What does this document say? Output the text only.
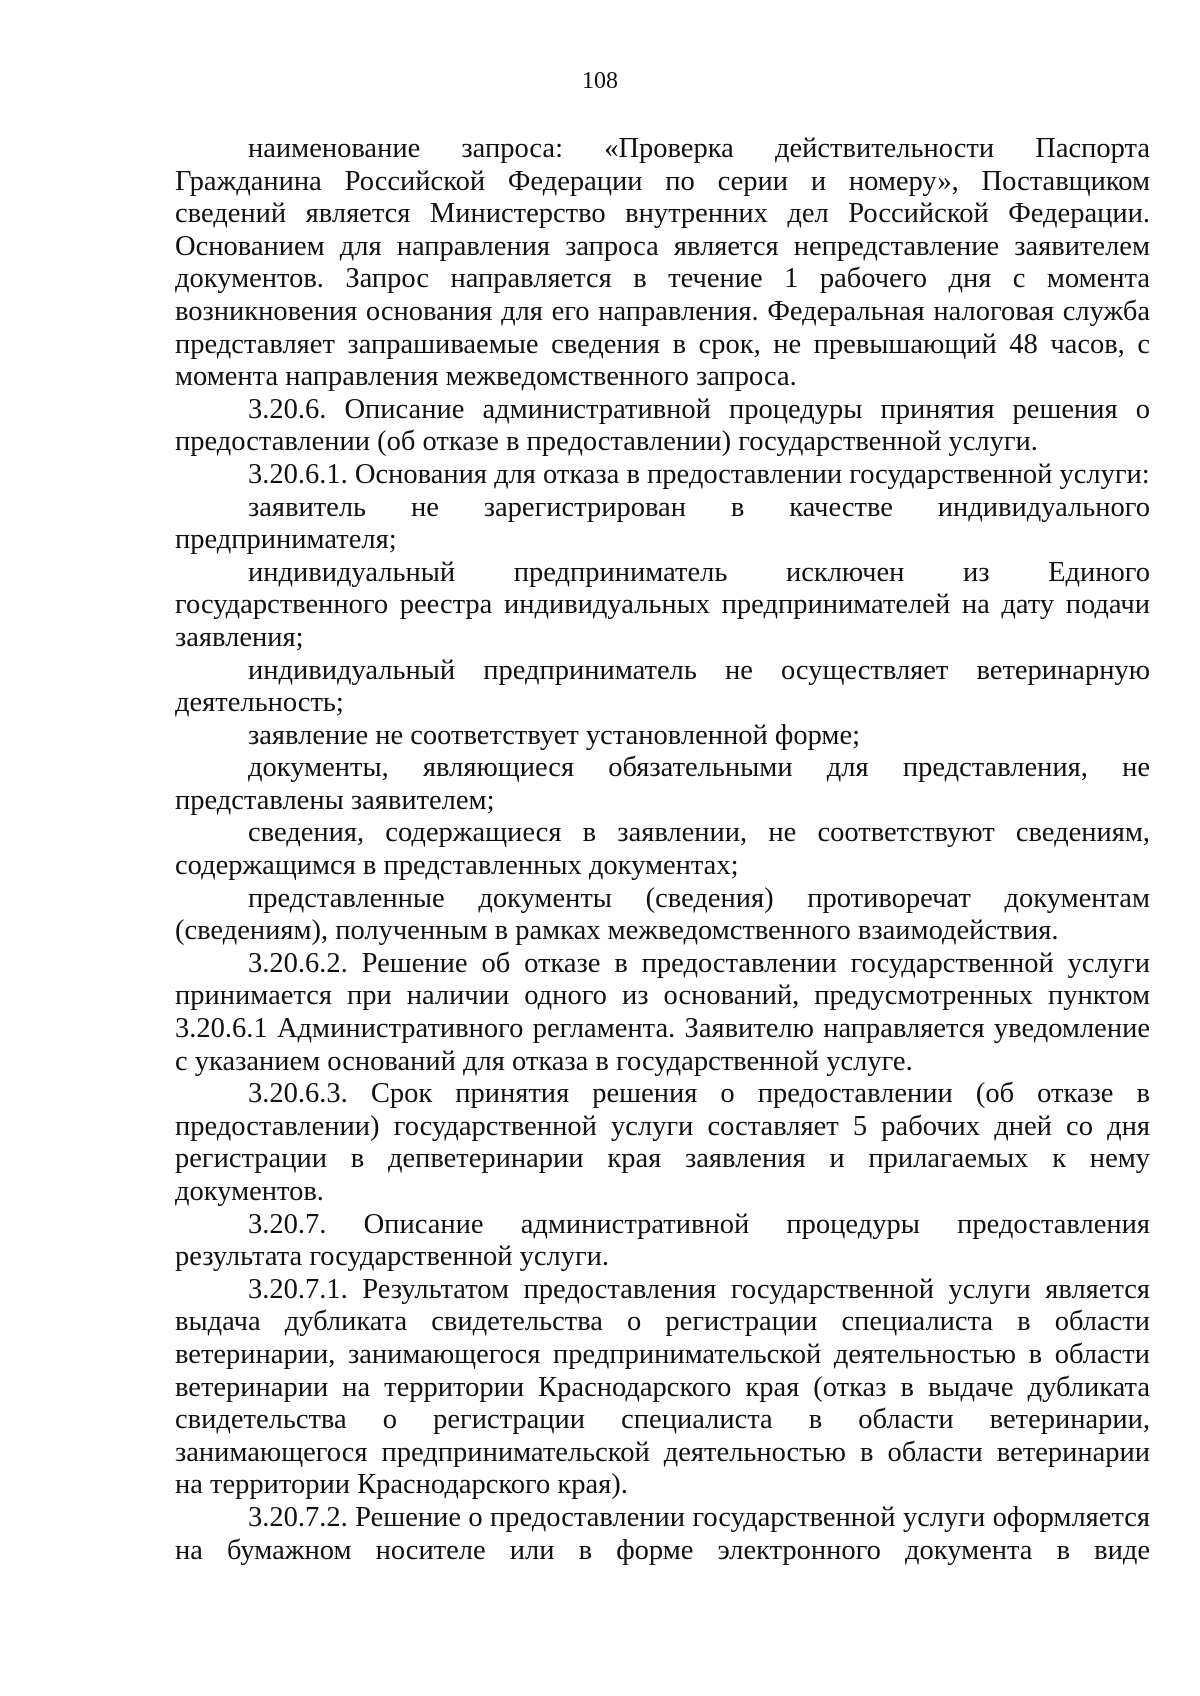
108

наименование запроса: «Проверка действительности Паспорта Гражданина Российской Федерации по серии и номеру», Поставщиком сведений является Министерство внутренних дел Российской Федерации. Основанием для направления запроса является непредставление заявителем документов. Запрос направляется в течение 1 рабочего дня с момента возникновения основания для его направления. Федеральная налоговая служба представляет запрашиваемые сведения в срок, не превышающий 48 часов, с момента направления межведомственного запроса.

3.20.6. Описание административной процедуры принятия решения о предоставлении (об отказе в предоставлении) государственной услуги.

3.20.6.1. Основания для отказа в предоставлении государственной услуги:

заявитель не зарегистрирован в качестве индивидуального предпринимателя;

индивидуальный предприниматель исключен из Единого государственного реестра индивидуальных предпринимателей на дату подачи заявления;

индивидуальный предприниматель не осуществляет ветеринарную деятельность;

заявление не соответствует установленной форме;

документы, являющиеся обязательными для представления, не представлены заявителем;

сведения, содержащиеся в заявлении, не соответствуют сведениям, содержащимся в представленных документах;

представленные документы (сведения) противоречат документам (сведениям), полученным в рамках межведомственного взаимодействия.

3.20.6.2. Решение об отказе в предоставлении государственной услуги принимается при наличии одного из оснований, предусмотренных пунктом 3.20.6.1 Административного регламента. Заявителю направляется уведомление с указанием оснований для отказа в государственной услуге.

3.20.6.3. Срок принятия решения о предоставлении (об отказе в предоставлении) государственной услуги составляет 5 рабочих дней со дня регистрации в депветеринарии края заявления и прилагаемых к нему документов.

3.20.7. Описание административной процедуры предоставления результата государственной услуги.

3.20.7.1. Результатом предоставления государственной услуги является выдача дубликата свидетельства о регистрации специалиста в области ветеринарии, занимающегося предпринимательской деятельностью в области ветеринарии на территории Краснодарского края (отказ в выдаче дубликата свидетельства о регистрации специалиста в области ветеринарии, занимающегося предпринимательской деятельностью в области ветеринарии на территории Краснодарского края).

3.20.7.2. Решение о предоставлении государственной услуги оформляется на бумажном носителе или в форме электронного документа в виде
